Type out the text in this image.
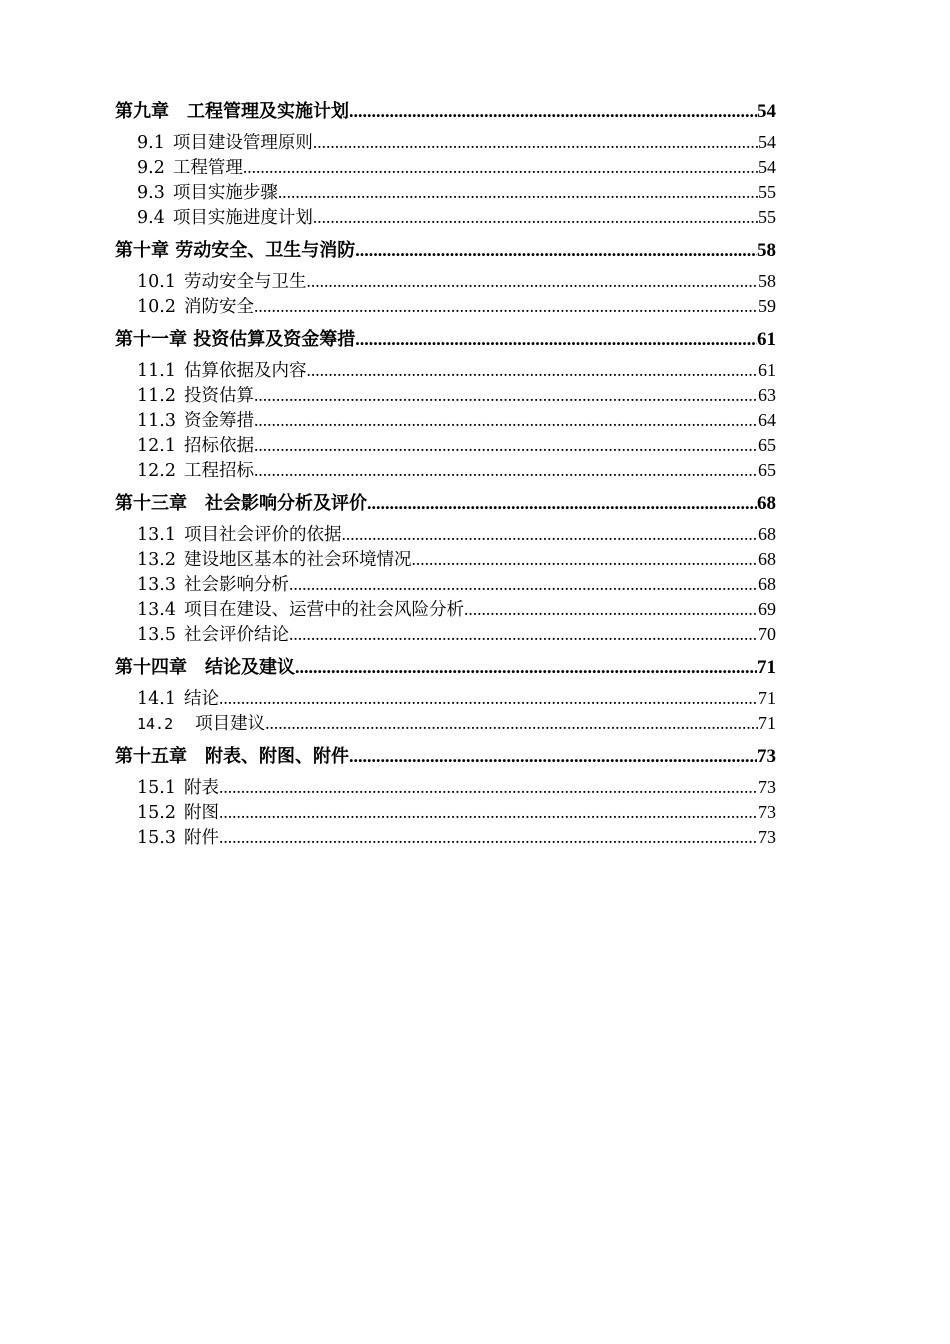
第九章　工程管理及实施计划 .....	54
9.1 项目建设管理原则 .....	54
9.2 工程管理 .....	54
9.3 项目实施步骤 .....	55
9.4 项目实施进度计划 .....	55
第十章 劳动安全、卫生与消防 .....	58
10.1 劳动安全与卫生 .....	58
10.2 消防安全 .....	59
第十一章 投资估算及资金筹措 .....	61
11.1 估算依据及内容 .....	61
11.2 投资估算 .....	63
11.3 资金筹措 .....	64
12.1 招标依据 .....	65
12.2 工程招标 .....	65
第十三章　社会影响分析及评价 .....	68
13.1 项目社会评价的依据 .....	68
13.2 建设地区基本的社会环境情况 .....	68
13.3 社会影响分析 .....	68
13.4 项目在建设、运营中的社会风险分析 .....	69
13.5 社会评价结论 .....	70
第十四章　结论及建议 .....	71
14.1 结论 .....	71
14.2 项目建议 .....	71
第十五章　附表、附图、附件 .....	73
15.1 附表 .....	73
15.2 附图 .....	73
15.3 附件 .....	73
